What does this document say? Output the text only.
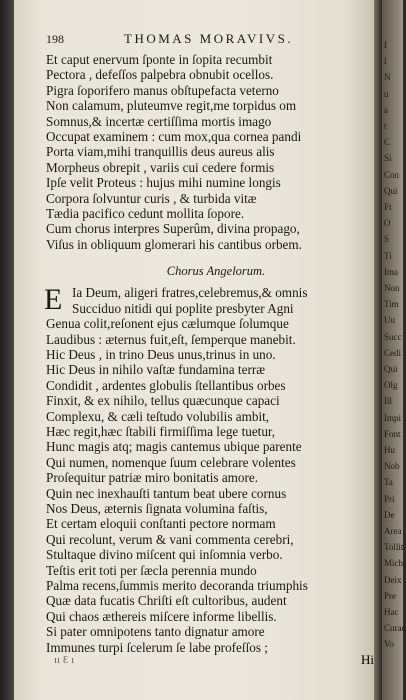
198	THOMAS MORAVIVS.
Et caput enervum ſponte in ſopita recumbit
Pectora , defeſſos palpebra obnubit ocellos.
Pigra ſoporifero manus obſtupefacta veterno
Non calamum, pluteumve regit,me torpidus om
Somnus,& incertæ certiſſima mortis imago
Occupat examinem : cum mox,qua cornea pandi
Porta viam,mihi tranquillis deus aureus alis
Morpheus obrepit , variis cui cedere formis
Ipſe velit Proteus : hujus mihi numine longis
Corpora ſolvuntur curis , & turbida vitæ
Tædia pacifico cedunt mollita ſopore.
Cum chorus interpres Superûm, divina propago,
Viſus in obliquum glomerari his cantibus orbem.
Chorus Angelorum.
E Ia Deum, aligeri fratres,celebremus,& omnis
Succiduo nitidi qui poplite presbyter Agni
Genua colit,reſonent ejus cælumque ſolumque
Laudibus : æternus fuit,eſt, ſemperque manebit.
Hic Deus , in trino Deus unus,trinus in uno.
Hic Deus in nihilo vaſtæ fundamina terræ
Condidit , ardentes globulis ſtellantibus orbes
Finxit, & ex nihilo, tellus quæcunque capaci
Complexu, & cæli teſtudo volubilis ambit,
Hæc regit,hæc ſtabili firmiſſima lege tuetur,
Hunc magis atq; magis cantemus ubique parente
Qui numen, nomenque ſuum celebrare volentes
Proſequitur patriæ miro bonitatis amore.
Quin nec inexhauſti tantum beat ubere cornus
Nos Deus, æternis ſignata volumina faſtis,
Et certam eloquii conſtanti pectore normam
Qui recolunt, verum & vani commenta cerebri,
Stultaque divino miſcent qui inſomnia verbo.
Teſtis erit toti per ſæcla perennia mundo
Palma recens,ſummis merito decoranda triumphis
Quæ data fucatis Chriſti eſt cultoribus, audent
Qui chaos æthereis miſcere informe libellis.
Si pater omnipotens tanto dignatur amore
Immunes turpi ſcelerum ſe labe profeſſos ;
ıı Ɛ ı	Hi
I
l
N
u
a
t
C
Si
Con
Qui
Ft
O
S
Ti
Ima
Non
Tim
Uu
Succ
Cedi
Qui
Olg
Ill
Impi
Font
Hu
Nob
Ta
Pri
De
Area
Tollit
Mich
Deix
Pre
Hac
Curac
Vo
